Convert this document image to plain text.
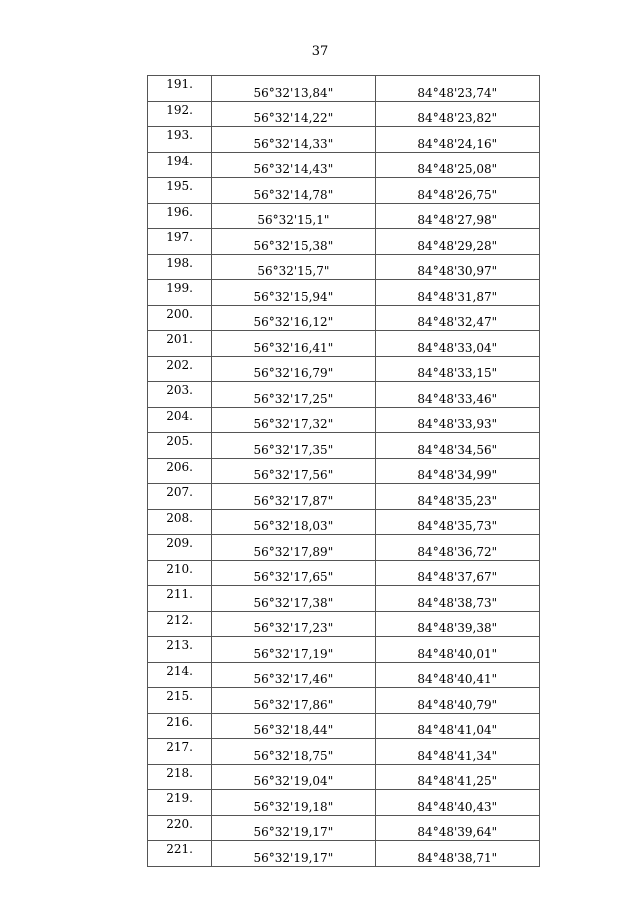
37
191.	56°32'13,84"	84°48'23,74"
192.	56°32'14,22"	84°48'23,82"
193.	56°32'14,33"	84°48'24,16"
194.	56°32'14,43"	84°48'25,08"
195.	56°32'14,78"	84°48'26,75"
196.	56°32'15,1"	84°48'27,98"
197.	56°32'15,38"	84°48'29,28"
198.	56°32'15,7"	84°48'30,97"
199.	56°32'15,94"	84°48'31,87"
200.	56°32'16,12"	84°48'32,47"
201.	56°32'16,41"	84°48'33,04"
202.	56°32'16,79"	84°48'33,15"
203.	56°32'17,25"	84°48'33,46"
204.	56°32'17,32"	84°48'33,93"
205.	56°32'17,35"	84°48'34,56"
206.	56°32'17,56"	84°48'34,99"
207.	56°32'17,87"	84°48'35,23"
208.	56°32'18,03"	84°48'35,73"
209.	56°32'17,89"	84°48'36,72"
210.	56°32'17,65"	84°48'37,67"
211.	56°32'17,38"	84°48'38,73"
212.	56°32'17,23"	84°48'39,38"
213.	56°32'17,19"	84°48'40,01"
214.	56°32'17,46"	84°48'40,41"
215.	56°32'17,86"	84°48'40,79"
216.	56°32'18,44"	84°48'41,04"
217.	56°32'18,75"	84°48'41,34"
218.	56°32'19,04"	84°48'41,25"
219.	56°32'19,18"	84°48'40,43"
220.	56°32'19,17"	84°48'39,64"
221.	56°32'19,17"	84°48'38,71"
